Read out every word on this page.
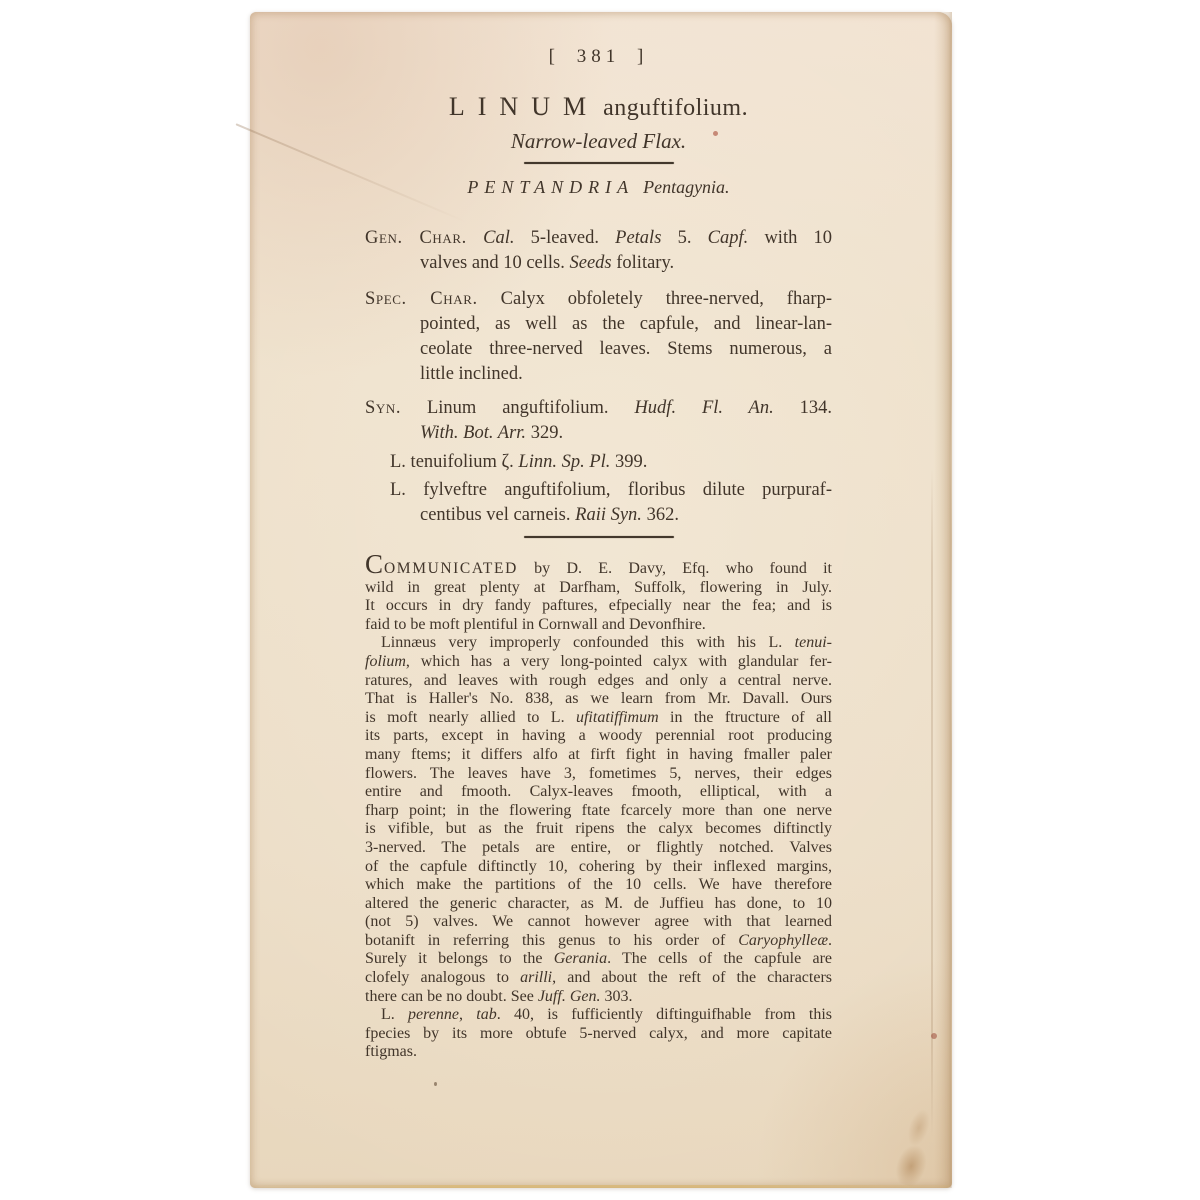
[ 381 ]
LINUM anguftifolium.
Narrow-leaved Flax.
PENTANDRIA Pentagynia.
Gen. Char. Cal. 5-leaved. Petals 5. Capf. with 10
valves and 10 cells. Seeds folitary.
Spec. Char. Calyx obfoletely three-nerved, fharp-
pointed, as well as the capfule, and linear-lan-
ceolate three-nerved leaves. Stems numerous, a
little inclined.
Syn. Linum anguftifolium. Hudf. Fl. An. 134.
With. Bot. Arr. 329.
L. tenuifolium ζ. Linn. Sp. Pl. 399.
L. fylveftre anguftifolium, floribus dilute purpuraf-
centibus vel carneis. Raii Syn. 362.
COMMUNICATED by D. E. Davy, Efq. who found it
wild in great plenty at Darfham, Suffolk, flowering in July.
It occurs in dry fandy paftures, efpecially near the fea; and is
faid to be moft plentiful in Cornwall and Devonfhire.
Linnæus very improperly confounded this with his L. tenui-
folium, which has a very long-pointed calyx with glandular fer-
ratures, and leaves with rough edges and only a central nerve.
That is Haller's No. 838, as we learn from Mr. Davall. Ours
is moft nearly allied to L. ufitatiffimum in the ftructure of all
its parts, except in having a woody perennial root producing
many ftems; it differs alfo at firft fight in having fmaller paler
flowers. The leaves have 3, fometimes 5, nerves, their edges
entire and fmooth. Calyx-leaves fmooth, elliptical, with a
fharp point; in the flowering ftate fcarcely more than one nerve
is vifible, but as the fruit ripens the calyx becomes diftinctly
3-nerved. The petals are entire, or flightly notched. Valves
of the capfule diftinctly 10, cohering by their inflexed margins,
which make the partitions of the 10 cells. We have therefore
altered the generic character, as M. de Juffieu has done, to 10
(not 5) valves. We cannot however agree with that learned
botanift in referring this genus to his order of Caryophylleæ.
Surely it belongs to the Gerania. The cells of the capfule are
clofely analogous to arilli, and about the reft of the characters
there can be no doubt. See Juff. Gen. 303.
L. perenne, tab. 40, is fufficiently diftinguifhable from this
fpecies by its more obtufe 5-nerved calyx, and more capitate
ftigmas.
